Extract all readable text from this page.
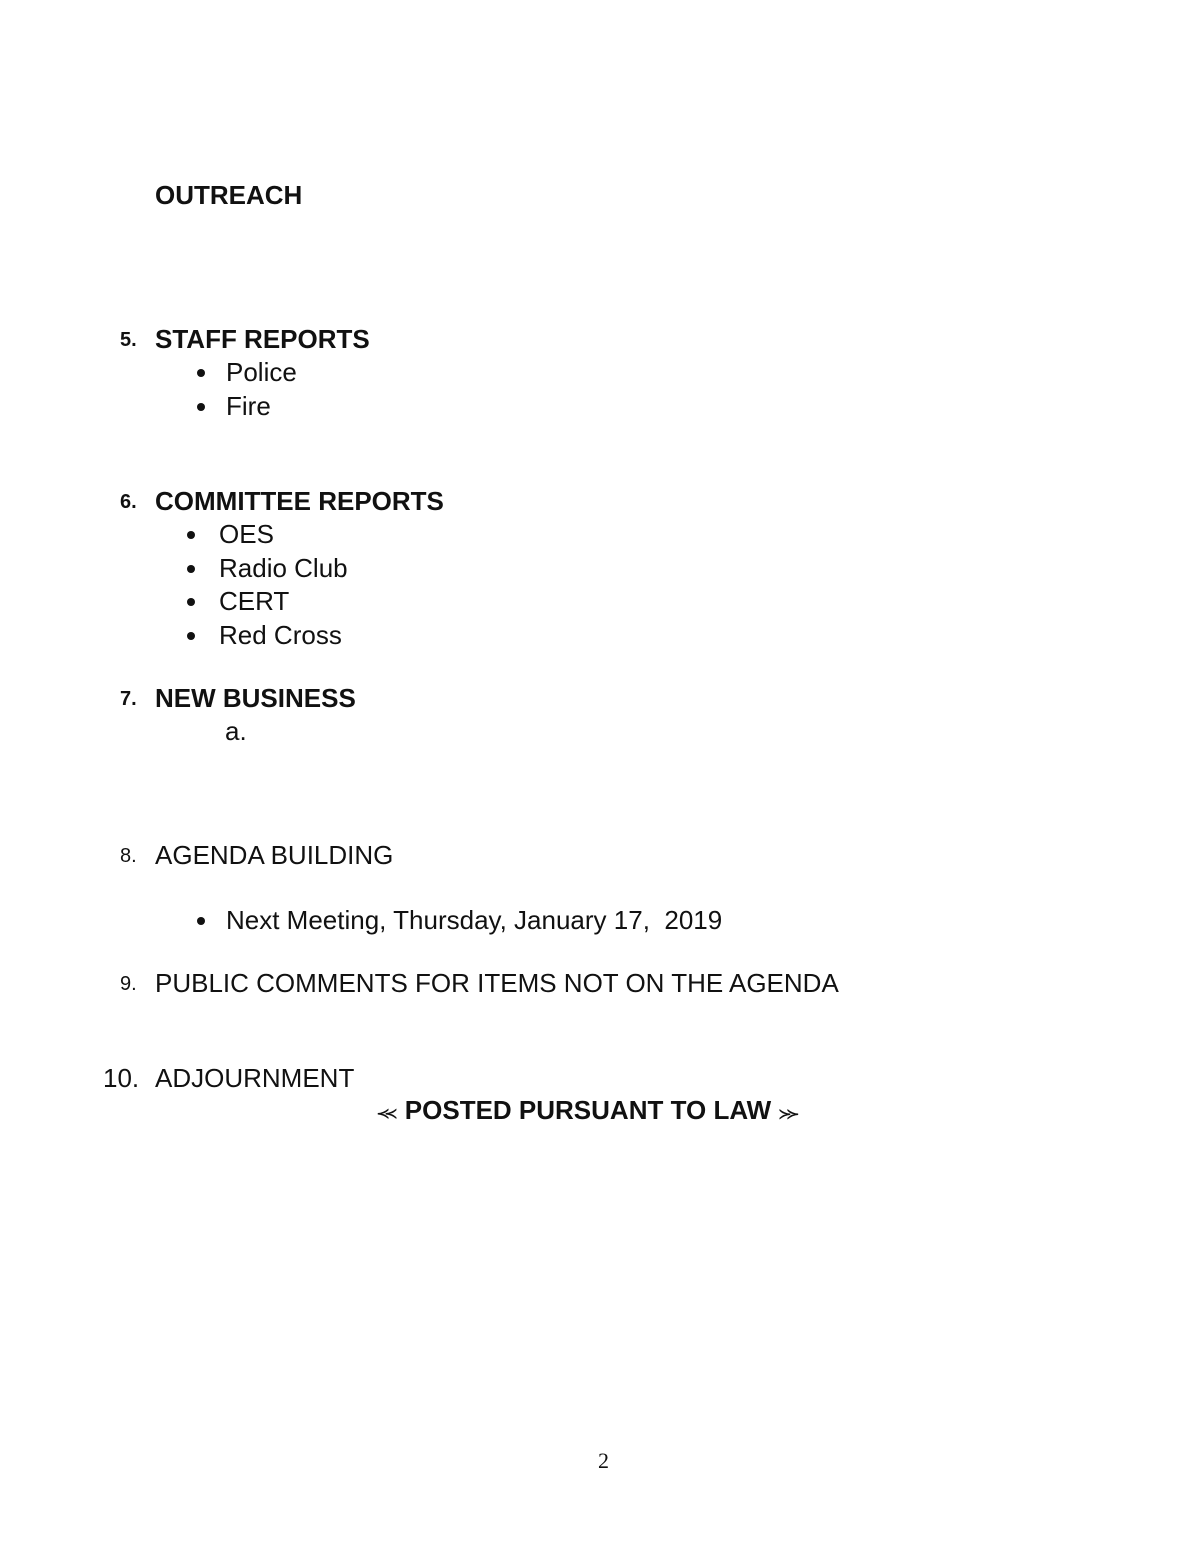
OUTREACH
5. STAFF REPORTS
Police
Fire
6. COMMITTEE REPORTS
OES
Radio Club
CERT
Red Cross
7. NEW BUSINESS
a.
8. AGENDA BUILDING
Next Meeting, Thursday, January 17,  2019
9. PUBLIC COMMENTS FOR ITEMS NOT ON THE AGENDA
10. ADJOURNMENT
⪻ POSTED PURSUANT TO LAW ⪼
2
